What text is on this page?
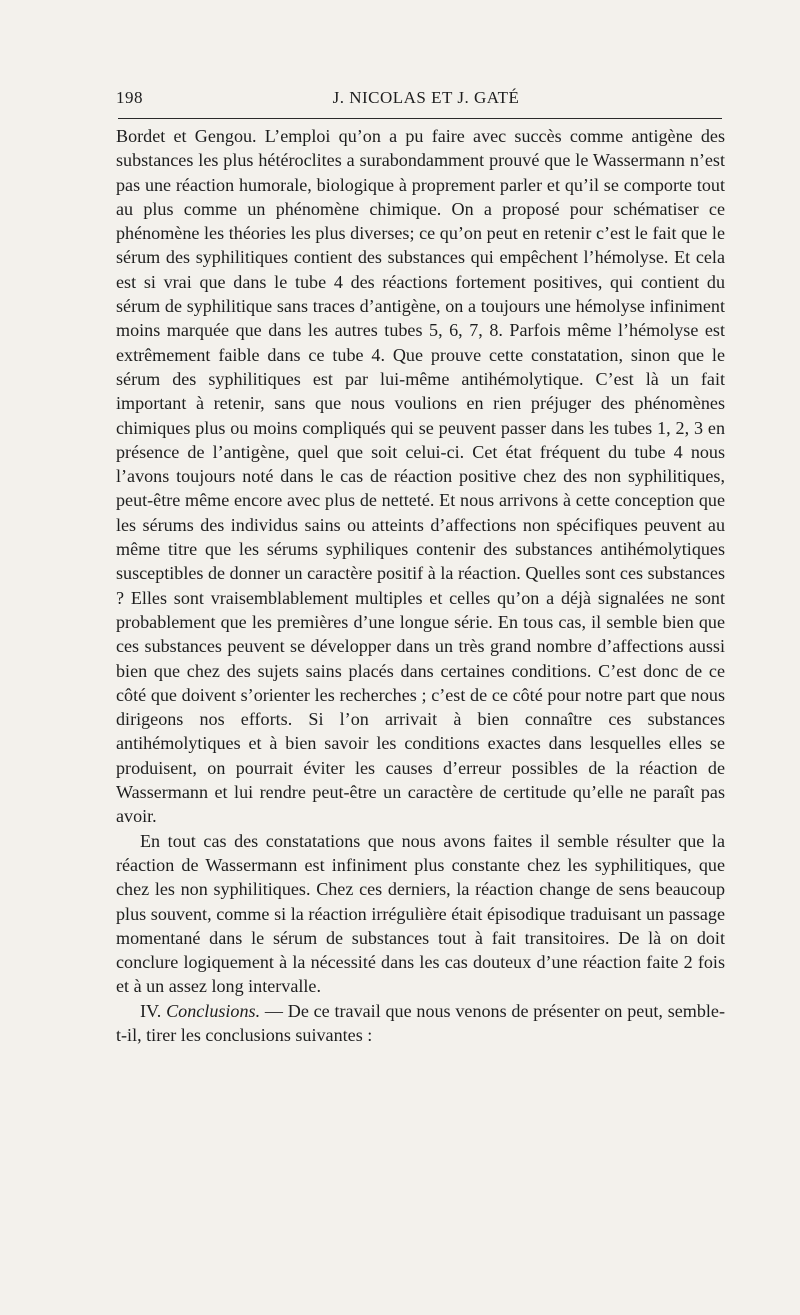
198	J. NICOLAS ET J. GATÉ

Bordet et Gengou. L’emploi qu’on a pu faire avec succès comme antigène des substances les plus hétéroclites a surabondamment prouvé que le Wassermann n’est pas une réaction humorale, biologique à proprement parler et qu’il se comporte tout au plus comme un phénomène chimique. On a proposé pour schématiser ce phénomène les théories les plus diverses; ce qu’on peut en retenir c’est le fait que le sérum des syphilitiques contient des substances qui empêchent l’hémolyse. Et cela est si vrai que dans le tube 4 des réactions fortement positives, qui contient du sérum de syphilitique sans traces d’antigène, on a toujours une hémolyse infiniment moins marquée que dans les autres tubes 5, 6, 7, 8. Parfois même l’hémolyse est extrêmement faible dans ce tube 4. Que prouve cette constatation, sinon que le sérum des syphilitiques est par lui-même antihémolytique. C’est là un fait important à retenir, sans que nous voulions en rien préjuger des phénomènes chimiques plus ou moins compliqués qui se peuvent passer dans les tubes 1, 2, 3 en présence de l’antigène, quel que soit celui-ci. Cet état fréquent du tube 4 nous l’avons toujours noté dans le cas de réaction positive chez des non syphilitiques, peut-être même encore avec plus de netteté. Et nous arrivons à cette conception que les sérums des individus sains ou atteints d’affections non spécifiques peuvent au même titre que les sérums syphiliques contenir des substances antihémolytiques susceptibles de donner un caractère positif à la réaction. Quelles sont ces substances ? Elles sont vraisemblablement multiples et celles qu’on a déjà signalées ne sont probablement que les premières d’une longue série. En tous cas, il semble bien que ces substances peuvent se développer dans un très grand nombre d’affections aussi bien que chez des sujets sains placés dans certaines conditions. C’est donc de ce côté que doivent s’orienter les recherches ; c’est de ce côté pour notre part que nous dirigeons nos efforts. Si l’on arrivait à bien connaître ces substances antihémolytiques et à bien savoir les conditions exactes dans lesquelles elles se produisent, on pourrait éviter les causes d’erreur possibles de la réaction de Wassermann et lui rendre peut-être un caractère de certitude qu’elle ne paraît pas avoir.

En tout cas des constatations que nous avons faites il semble résulter que la réaction de Wassermann est infiniment plus constante chez les syphilitiques, que chez les non syphilitiques. Chez ces derniers, la réaction change de sens beaucoup plus souvent, comme si la réaction irrégulière était épisodique traduisant un passage momentané dans le sérum de substances tout à fait transitoires. De là on doit conclure logiquement à la nécessité dans les cas douteux d’une réaction faite 2 fois et à un assez long intervalle.

IV. Conclusions. — De ce travail que nous venons de présenter on peut, semble-t-il, tirer les conclusions suivantes :
